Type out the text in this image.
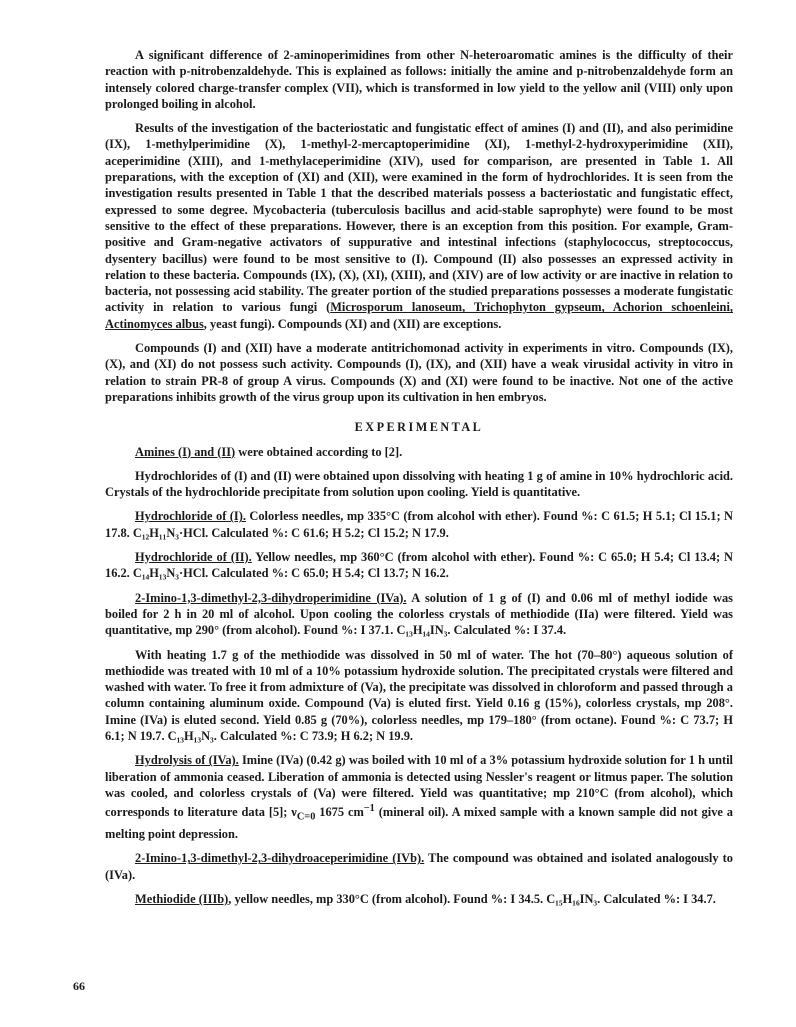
A significant difference of 2-aminoperimidines from other N-heteroaromatic amines is the difficulty of their reaction with p-nitrobenzaldehyde. This is explained as follows: initially the amine and p-nitrobenzaldehyde form an intensely colored charge-transfer complex (VII), which is transformed in low yield to the yellow anil (VIII) only upon prolonged boiling in alcohol.

Results of the investigation of the bacteriostatic and fungistatic effect of amines (I) and (II), and also perimidine (IX), 1-methylperimidine (X), 1-methyl-2-mercaptoperimidine (XI), 1-methyl-2-hydroxyperimidine (XII), aceperimidine (XIII), and 1-methylaceperimidine (XIV), used for comparison, are presented in Table 1. All preparations, with the exception of (XI) and (XII), were examined in the form of hydrochlorides. It is seen from the investigation results presented in Table 1 that the described materials possess a bacteriostatic and fungistatic effect, expressed to some degree. Mycobacteria (tuberculosis bacillus and acid-stable saprophyte) were found to be most sensitive to the effect of these preparations. However, there is an exception from this position. For example, Gram-positive and Gram-negative activators of suppurative and intestinal infections (staphylococcus, streptococcus, dysentery bacillus) were found to be most sensitive to (I). Compound (II) also possesses an expressed activity in relation to these bacteria. Compounds (IX), (X), (XI), (XIII), and (XIV) are of low activity or are inactive in relation to bacteria, not possessing acid stability. The greater portion of the studied preparations possesses a moderate fungistatic activity in relation to various fungi (Microsporum lanoseum, Trichophyton gypseum, Achorion schoenleini, Actinomyces albus, yeast fungi). Compounds (XI) and (XII) are exceptions.

Compounds (I) and (XII) have a moderate antitrichomonad activity in experiments in vitro. Compounds (IX), (X), and (XI) do not possess such activity. Compounds (I), (IX), and (XII) have a weak virusidal activity in vitro in relation to strain PR-8 of group A virus. Compounds (X) and (XI) were found to be inactive. Not one of the active preparations inhibits growth of the virus group upon its cultivation in hen embryos.

EXPERIMENTAL

Amines (I) and (II) were obtained according to [2].

Hydrochlorides of (I) and (II) were obtained upon dissolving with heating 1 g of amine in 10% hydrochloric acid. Crystals of the hydrochloride precipitate from solution upon cooling. Yield is quantitative.

Hydrochloride of (I). Colorless needles, mp 335°C (from alcohol with ether). Found %: C 61.5; H 5.1; Cl 15.1; N 17.8. C₁₂H₁₁N₃·HCl. Calculated %: C 61.6; H 5.2; Cl 15.2; N 17.9.

Hydrochloride of (II). Yellow needles, mp 360°C (from alcohol with ether). Found %: C 65.0; H 5.4; Cl 13.4; N 16.2. C₁₄H₁₃N₃·HCl. Calculated %: C 65.0; H 5.4; Cl 13.7; N 16.2.

2-Imino-1,3-dimethyl-2,3-dihydroperimidine (IVa). A solution of 1 g of (I) and 0.06 ml of methyl iodide was boiled for 2 h in 20 ml of alcohol. Upon cooling the colorless crystals of methiodide (IIa) were filtered. Yield was quantitative, mp 290° (from alcohol). Found %: I 37.1. C₁₃H₁₄IN₃. Calculated %: I 37.4.

With heating 1.7 g of the methiodide was dissolved in 50 ml of water. The hot (70–80°) aqueous solution of methiodide was treated with 10 ml of a 10% potassium hydroxide solution. The precipitated crystals were filtered and washed with water. To free it from admixture of (Va), the precipitate was dissolved in chloroform and passed through a column containing aluminum oxide. Compound (Va) is eluted first. Yield 0.16 g (15%), colorless crystals, mp 208°. Imine (IVa) is eluted second. Yield 0.85 g (70%), colorless needles, mp 179–180° (from octane). Found %: C 73.7; H 6.1; N 19.7. C₁₃H₁₃N₃. Calculated %: C 73.9; H 6.2; N 19.9.

Hydrolysis of (IVa). Imine (IVa) (0.42 g) was boiled with 10 ml of a 3% potassium hydroxide solution for 1 h until liberation of ammonia ceased. Liberation of ammonia is detected using Nessler's reagent or litmus paper. The solution was cooled, and colorless crystals of (Va) were filtered. Yield was quantitative; mp 210°C (from alcohol), which corresponds to literature data [5]; $\nu_{C=0}$ 1675 $cm^{-1}$ (mineral oil). A mixed sample with a known sample did not give a melting point depression.

2-Imino-1,3-dimethyl-2,3-dihydroaceperimidine (IVb). The compound was obtained and isolated analogously to (IVa).

Methiodide (IIIb), yellow needles, mp 330°C (from alcohol). Found %: I 34.5. C₁₅H₁₆IN₃. Calculated %: I 34.7.

66
